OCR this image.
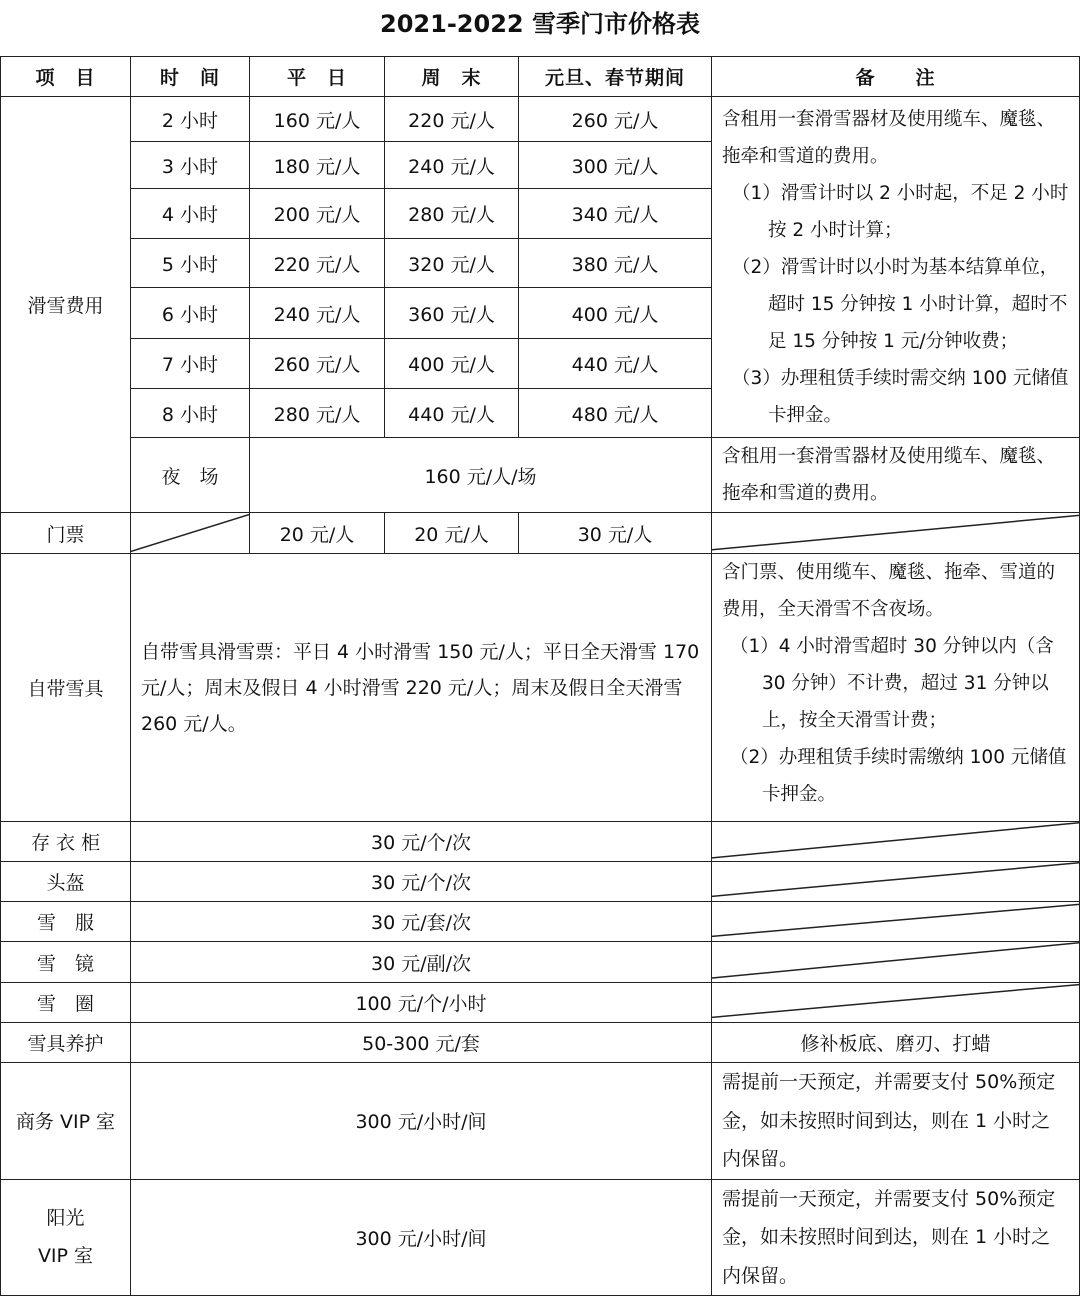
2021-2022 雪季门市价格表
项　目	时　间	平　日	周　末	元旦、春节期间	备　　注
滑雪费用	2 小时	160 元/人	220 元/人	260 元/人	含租用一套滑雪器材及使用缆车、魔毯、拖牵和雪道的费用。

（1）滑雪计时以 2 小时起，不足 2 小时按 2 小时计算；

（2）滑雪计时以小时为基本结算单位，超时 15 分钟按 1 小时计算，超时不足 15 分钟按 1 元/分钟收费；

（3）办理租赁手续时需交纳 100 元储值卡押金。

	3 小时	180 元/人	240 元/人	300 元/人	
	4 小时	200 元/人	280 元/人	340 元/人	
	5 小时	220 元/人	320 元/人	380 元/人	
	6 小时	240 元/人	360 元/人	400 元/人	
	7 小时	260 元/人	400 元/人	440 元/人	
	8 小时	280 元/人	440 元/人	480 元/人	
	夜　场	160 元/人/场			含租用一套滑雪器材及使用缆车、魔毯、拖牵和雪道的费用。
门票		20 元/人	20 元/人	30 元/人	

自带雪具	自带雪具滑雪票：平日 4 小时滑雪 150 元/人；平日全天滑雪 170 元/人；周末及假日 4 小时滑雪 220 元/人；周末及假日全天滑雪 260 元/人。				含门票、使用缆车、魔毯、拖牵、雪道的费用，全天滑雪不含夜场。

（1）4 小时滑雪超时 30 分钟以内（含 30 分钟）不计费，超过 31 分钟以上，按全天滑雪计费；

（2）办理租赁手续时需缴纳 100 元储值卡押金。

存 衣 柜	30 元/个/次	

头盔	30 元/个/次	

雪　服	30 元/套/次	

雪　镜	30 元/副/次	

雪　圈	100 元/个/小时	

雪具养护	50-300 元/套				修补板底、磨刃、打蜡
商务 VIP 室	300 元/小时/间				需提前一天预定，并需要支付 50%预定金，如未按照时间到达，则在 1 小时之内保留。
阳光
VIP 室	300 元/小时/间				需提前一天预定，并需要支付 50%预定金，如未按照时间到达，则在 1 小时之内保留。
